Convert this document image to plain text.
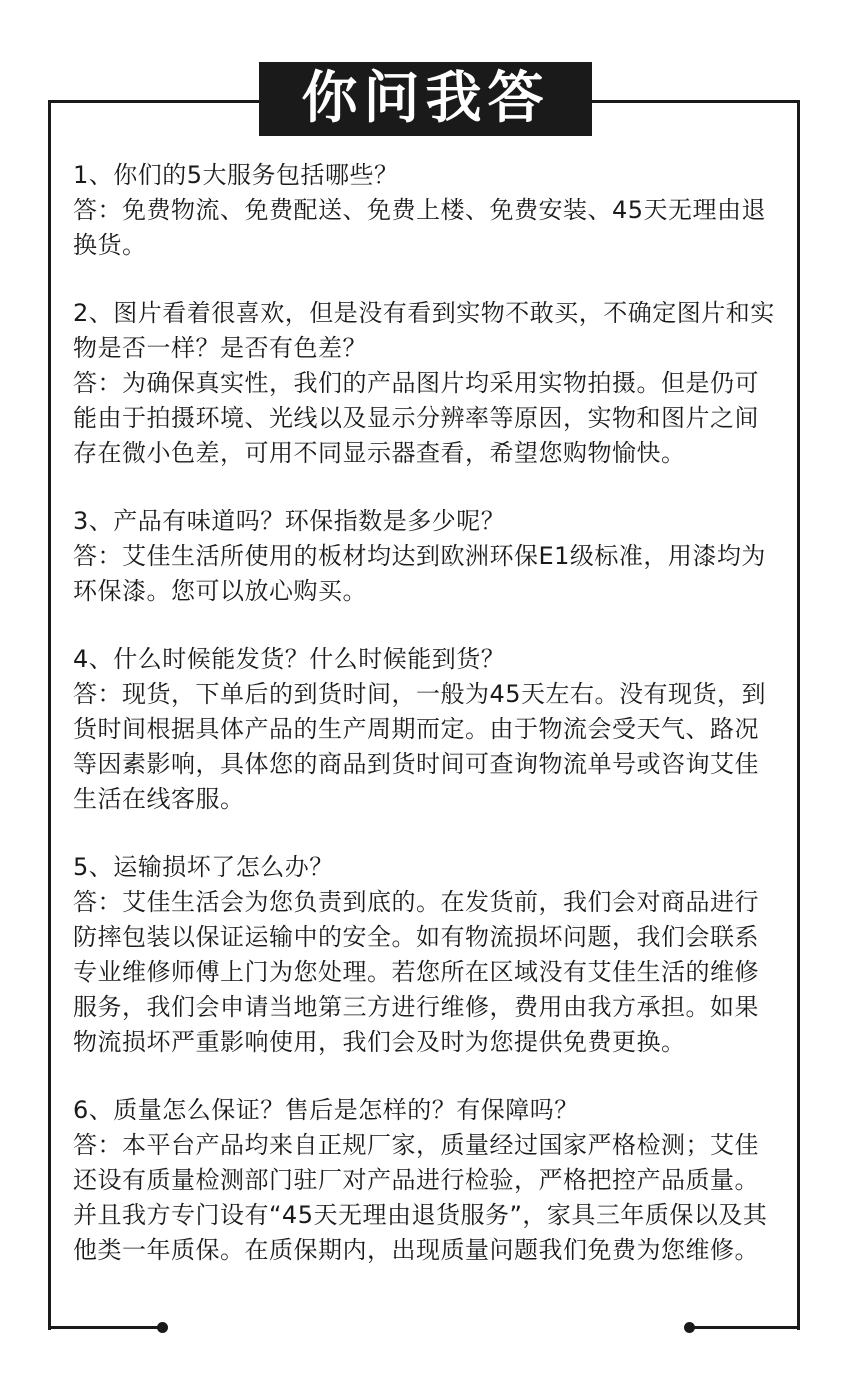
你问我答

1、你们的5大服务包括哪些？

答：免费物流、免费配送、免费上楼、免费安装、45天无理由退换货。

2、图片看着很喜欢，但是没有看到实物不敢买，不确定图片和实物是否一样？是否有色差？

答：为确保真实性，我们的产品图片均采用实物拍摄。但是仍可能由于拍摄环境、光线以及显示分辨率等原因，实物和图片之间存在微小色差，可用不同显示器查看，希望您购物愉快。

3、产品有味道吗？环保指数是多少呢？

答：艾佳生活所使用的板材均达到欧洲环保E1级标准，用漆均为环保漆。您可以放心购买。

4、什么时候能发货？什么时候能到货？

答：现货，下单后的到货时间，一般为45天左右。没有现货，到货时间根据具体产品的生产周期而定。由于物流会受天气、路况等因素影响，具体您的商品到货时间可查询物流单号或咨询艾佳生活在线客服。

5、运输损坏了怎么办？

答：艾佳生活会为您负责到底的。在发货前，我们会对商品进行防摔包装以保证运输中的安全。如有物流损坏问题，我们会联系专业维修师傅上门为您处理。若您所在区域没有艾佳生活的维修服务，我们会申请当地第三方进行维修，费用由我方承担。如果物流损坏严重影响使用，我们会及时为您提供免费更换。

6、质量怎么保证？售后是怎样的？有保障吗？

答：本平台产品均来自正规厂家，质量经过国家严格检测；艾佳还设有质量检测部门驻厂对产品进行检验，严格把控产品质量。并且我方专门设有“45天无理由退货服务”，家具三年质保以及其他类一年质保。在质保期内，出现质量问题我们免费为您维修。
